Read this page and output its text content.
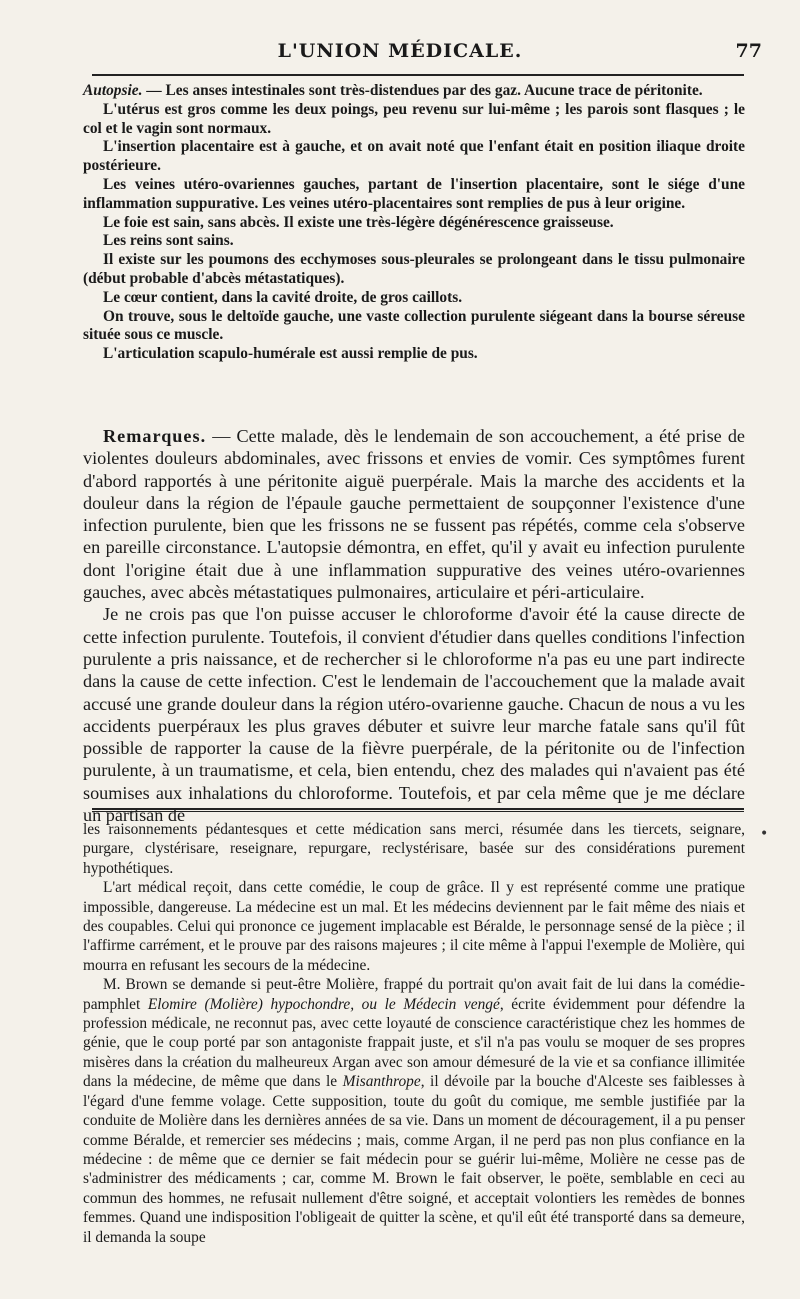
L'UNION MÉDICALE.	77

Autopsie. — Les anses intestinales sont très-distendues par des gaz. Aucune trace de péritonite.

L'utérus est gros comme les deux poings, peu revenu sur lui-même ; les parois sont flasques ; le col et le vagin sont normaux.

L'insertion placentaire est à gauche, et on avait noté que l'enfant était en position iliaque droite postérieure.

Les veines utéro-ovariennes gauches, partant de l'insertion placentaire, sont le siége d'une inflammation suppurative. Les veines utéro-placentaires sont remplies de pus à leur origine.

Le foie est sain, sans abcès. Il existe une très-légère dégénérescence graisseuse.

Les reins sont sains.

Il existe sur les poumons des ecchymoses sous-pleurales se prolongeant dans le tissu pulmonaire (début probable d'abcès métastatiques).

Le cœur contient, dans la cavité droite, de gros caillots.

On trouve, sous le deltoïde gauche, une vaste collection purulente siégeant dans la bourse séreuse située sous ce muscle.

L'articulation scapulo-humérale est aussi remplie de pus.

Remarques. — Cette malade, dès le lendemain de son accouchement, a été prise de violentes douleurs abdominales, avec frissons et envies de vomir. Ces symptômes furent d'abord rapportés à une péritonite aiguë puerpérale. Mais la marche des accidents et la douleur dans la région de l'épaule gauche permettaient de soupçonner l'existence d'une infection purulente, bien que les frissons ne se fussent pas répétés, comme cela s'observe en pareille circonstance. L'autopsie démontra, en effet, qu'il y avait eu infection purulente dont l'origine était due à une inflammation suppurative des veines utéro-ovariennes gauches, avec abcès métastatiques pulmonaires, articulaire et péri-articulaire.

Je ne crois pas que l'on puisse accuser le chloroforme d'avoir été la cause directe de cette infection purulente. Toutefois, il convient d'étudier dans quelles conditions l'infection purulente a pris naissance, et de rechercher si le chloroforme n'a pas eu une part indirecte dans la cause de cette infection. C'est le lendemain de l'accouchement que la malade avait accusé une grande douleur dans la région utéro-ovarienne gauche. Chacun de nous a vu les accidents puerpéraux les plus graves débuter et suivre leur marche fatale sans qu'il fût possible de rapporter la cause de la fièvre puerpérale, de la péritonite ou de l'infection purulente, à un traumatisme, et cela, bien entendu, chez des malades qui n'avaient pas été soumises aux inhalations du chloroforme. Toutefois, et par cela même que je me déclare un partisan de

•

les raisonnements pédantesques et cette médication sans merci, résumée dans les tiercets, seignare, purgare, clystérisare, reseignare, repurgare, reclystérisare, basée sur des considérations purement hypothétiques.

L'art médical reçoit, dans cette comédie, le coup de grâce. Il y est représenté comme une pratique impossible, dangereuse. La médecine est un mal. Et les médecins deviennent par le fait même des niais et des coupables. Celui qui prononce ce jugement implacable est Béralde, le personnage sensé de la pièce ; il l'affirme carrément, et le prouve par des raisons majeures ; il cite même à l'appui l'exemple de Molière, qui mourra en refusant les secours de la médecine.

M. Brown se demande si peut-être Molière, frappé du portrait qu'on avait fait de lui dans la comédie-pamphlet Elomire (Molière) hypochondre, ou le Médecin vengé, écrite évidemment pour défendre la profession médicale, ne reconnut pas, avec cette loyauté de conscience caractéristique chez les hommes de génie, que le coup porté par son antagoniste frappait juste, et s'il n'a pas voulu se moquer de ses propres misères dans la création du malheureux Argan avec son amour démesuré de la vie et sa confiance illimitée dans la médecine, de même que dans le Misanthrope, il dévoile par la bouche d'Alceste ses faiblesses à l'égard d'une femme volage. Cette supposition, toute du goût du comique, me semble justifiée par la conduite de Molière dans les dernières années de sa vie. Dans un moment de découragement, il a pu penser comme Béralde, et remercier ses médecins ; mais, comme Argan, il ne perd pas non plus confiance en la médecine : de même que ce dernier se fait médecin pour se guérir lui-même, Molière ne cesse pas de s'administrer des médicaments ; car, comme M. Brown le fait observer, le poëte, semblable en ceci au commun des hommes, ne refusait nullement d'être soigné, et acceptait volontiers les remèdes de bonnes femmes. Quand une indisposition l'obligeait de quitter la scène, et qu'il eût été transporté dans sa demeure, il demanda la soupe
